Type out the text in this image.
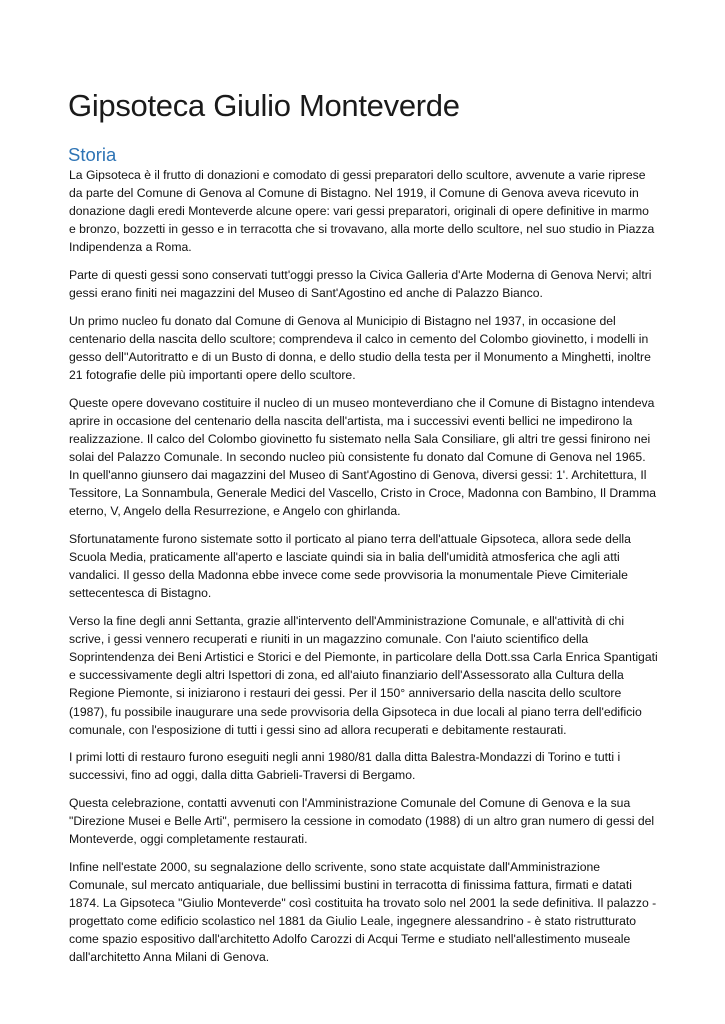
Gipsoteca Giulio Monteverde
Storia

La Gipsoteca è il frutto di donazioni e comodato di gessi preparatori dello scultore, avvenute a varie riprese da parte del Comune di Genova al Comune di Bistagno. Nel 1919, il Comune di Genova aveva ricevuto in donazione dagli eredi Monteverde alcune opere: vari gessi preparatori, originali di opere definitive in marmo e bronzo, bozzetti in gesso e in terracotta che si trovavano, alla morte dello scultore, nel suo studio in Piazza Indipendenza a Roma.

Parte di questi gessi sono conservati tutt'oggi presso la Civica Galleria d'Arte Moderna di Genova Nervi; altri gessi erano finiti nei magazzini del Museo di Sant'Agostino ed anche di Palazzo Bianco.

Un primo nucleo fu donato dal Comune di Genova al Municipio di Bistagno nel 1937, in occasione del centenario della nascita dello scultore; comprendeva il calco in cemento del Colombo giovinetto, i modelli in gesso dell''Autoritratto e di un Busto di donna, e dello studio della testa per il Monumento a Minghetti, inoltre 21 fotografie delle più importanti opere dello scultore.

Queste opere dovevano costituire il nucleo di un museo monteverdiano che il Comune di Bistagno intendeva aprire in occasione del centenario della nascita dell'artista, ma i successivi eventi bellici ne impedirono la realizzazione. Il calco del Colombo giovinetto fu sistemato nella Sala Consiliare, gli altri tre gessi finirono nei solai del Palazzo Comunale. In secondo nucleo più consistente fu donato dal Comune di Genova nel 1965. In quell'anno giunsero dai magazzini del Museo di Sant'Agostino di Genova, diversi gessi: 1'. Architettura, Il Tessitore, La Sonnambula, Generale Medici del Vascello, Cristo in Croce, Madonna con Bambino, Il Dramma eterno, V, Angelo della Resurrezione, e Angelo con ghirlanda.

Sfortunatamente furono sistemate sotto il porticato al piano terra dell'attuale Gipsoteca, allora sede della Scuola Media, praticamente all'aperto e lasciate quindi sia in balia dell'umidità atmosferica che agli atti vandalici. Il gesso della Madonna ebbe invece come sede provvisoria la monumentale Pieve Cimiteriale settecentesca di Bistagno.

Verso la fine degli anni Settanta, grazie all'intervento dell'Amministrazione Comunale, e all'attività di chi scrive, i gessi vennero recuperati e riuniti in un magazzino comunale. Con l'aiuto scientifico della Soprintendenza dei Beni Artistici e Storici e del Piemonte, in particolare della Dott.ssa Carla Enrica Spantigati e successivamente degli altri Ispettori di zona, ed all'aiuto finanziario dell'Assessorato alla Cultura della Regione Piemonte, si iniziarono i restauri dei gessi. Per il 150° anniversario della nascita dello scultore (1987), fu possibile inaugurare una sede provvisoria della Gipsoteca in due locali al piano terra dell'edificio comunale, con l'esposizione di tutti i gessi sino ad allora recuperati e debitamente restaurati.

I primi lotti di restauro furono eseguiti negli anni 1980/81 dalla ditta Balestra-Mondazzi di Torino e tutti i successivi, fino ad oggi, dalla ditta Gabrieli-Traversi di Bergamo.

Questa celebrazione, contatti avvenuti con l'Amministrazione Comunale del Comune di Genova e la sua "Direzione Musei e Belle Arti", permisero la cessione in comodato (1988) di un altro gran numero di gessi del Monteverde, oggi completamente restaurati.

Infine nell'estate 2000, su segnalazione dello scrivente, sono state acquistate dall'Amministrazione Comunale, sul mercato antiquariale, due bellissimi bustini in terracotta di finissima fattura, firmati e datati 1874. La Gipsoteca "Giulio Monteverde" così costituita ha trovato solo nel 2001 la sede definitiva. Il palazzo - progettato come edificio scolastico nel 1881 da Giulio Leale, ingegnere alessandrino - è stato ristrutturato come spazio espositivo dall'architetto Adolfo Carozzi di Acqui Terme e studiato nell'allestimento museale dall'architetto Anna Milani di Genova.
